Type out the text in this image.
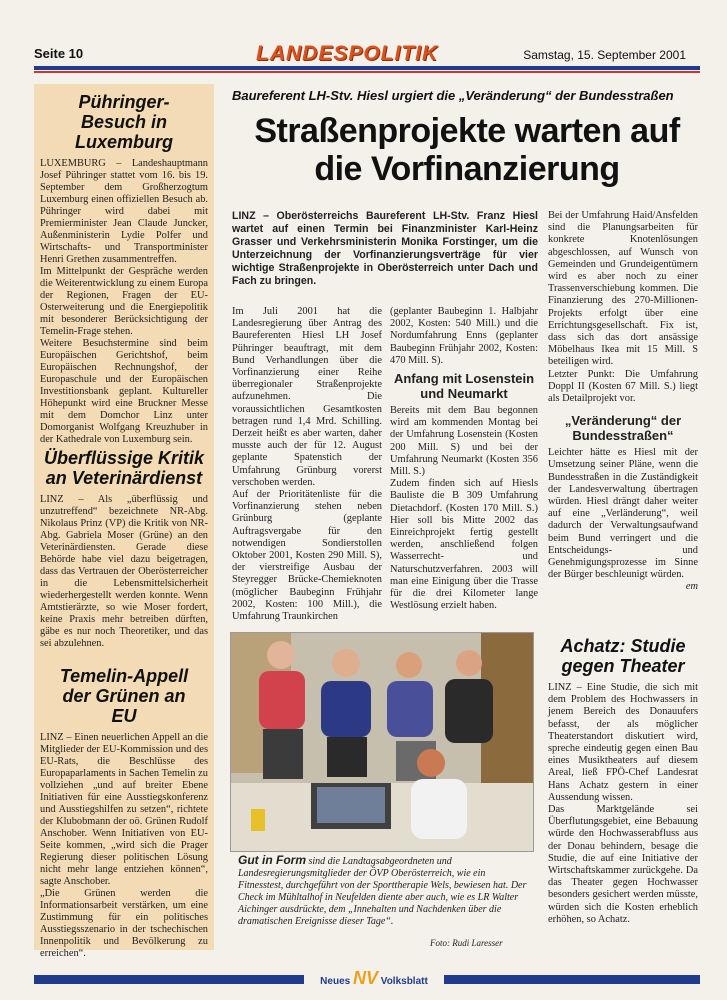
Seite 10	LANDESPOLITIK	Samstag, 15. September 2001
Pühringer-Besuch in Luxemburg

LUXEMBURG – Landeshauptmann Josef Pühringer stattet vom 16. bis 19. September dem Großherzogtum Luxemburg einen offiziellen Besuch ab. Pühringer wird dabei mit Premierminister Jean Claude Juncker, Außenministerin Lydie Polfer und Wirtschafts- und Transportminister Henri Grethen zusammentreffen.

Im Mittelpunkt der Gespräche werden die Weiterentwicklung zu einem Europa der Regionen, Fragen der EU-Osterweiterung und die Energiepolitik mit besonderer Berücksichtigung der Temelin-Frage stehen.

Weitere Besuchstermine sind beim Europäischen Gerichtshof, beim Europäischen Rechnungshof, der Europaschule und der Europäischen Investitionsbank geplant. Kultureller Höhepunkt wird eine Bruckner Messe mit dem Domchor Linz unter Domorganist Wolfgang Kreuzhuber in der Kathedrale von Luxemburg sein.

Überflüssige Kritik an Veterinärdienst

LINZ – Als „überflüssig und unzutreffend“ bezeichnete NR-Abg. Nikolaus Prinz (VP) die Kritik von NR-Abg. Gabriela Moser (Grüne) an den Veterinärdiensten. Gerade diese Behörde habe viel dazu beigetragen, dass das Vertrauen der Oberösterreicher in die Lebensmittelsicherheit wiederhergestellt werden konnte. Wenn Amtstierärzte, so wie Moser fordert, keine Praxis mehr betreiben dürften, gäbe es nur noch Theoretiker, und das sei abzulehnen.

Temelin-Appell der Grünen an EU

LINZ – Einen neuerlichen Appell an die Mitglieder der EU-Kommission und des EU-Rats, die Beschlüsse des Europaparlaments in Sachen Temelin zu vollziehen „und auf breiter Ebene Initiativen für eine Ausstiegskonferenz und Ausstiegshilfen zu setzen“, richtete der Klubobmann der oö. Grünen Rudolf Anschober. Wenn Initiativen von EU-Seite kommen, „wird sich die Prager Regierung dieser politischen Lösung nicht mehr lange entziehen können“, sagte Anschober.

„Die Grünen werden die Informationsarbeit verstärken, um eine Zustimmung für ein politisches Ausstiegsszenario in der tschechischen Innenpolitik und Bevölkerung zu erreichen“.

Baureferent LH-Stv. Hiesl urgiert die „Veränderung“ der Bundesstraßen
Straßenprojekte warten auf die Vorfinanzierung
LINZ – Oberösterreichs Baureferent LH-Stv. Franz Hiesl wartet auf einen Termin bei Finanzminister Karl-Heinz Grasser und Verkehrsministerin Monika Forstinger, um die Unterzeichnung der Vorfinanzierungsverträge für vier wichtige Straßenprojekte in Oberösterreich unter Dach und Fach zu bringen.

Im Juli 2001 hat die Landesregierung über Antrag des Baureferenten Hiesl LH Josef Pühringer beauftragt, mit dem Bund Verhandlungen über die Vorfinanzierung einer Reihe überregionaler Straßenprojekte aufzunehmen. Die voraussichtlichen Gesamtkosten betragen rund 1,4 Mrd. Schilling. Derzeit heißt es aber warten, daher musste auch der für 12. August geplante Spatenstich der Umfahrung Grünburg vorerst verschoben werden.

Auf der Prioritätenliste für die Vorfinanzierung stehen neben Grünburg (geplante Auftragsvergabe für den notwendigen Sondierstollen Oktober 2001, Kosten 290 Mill. S), der vierstreifige Ausbau der Steyregger Brücke-Chemieknoten (möglicher Baubeginn Frühjahr 2002, Kosten: 100 Mill.), die Umfahrung Traunkirchen

(geplanter Baubeginn 1. Halbjahr 2002, Kosten: 540 Mill.) und die Nordumfahrung Enns (geplanter Baubeginn Frühjahr 2002, Kosten: 470 Mill. S).

Anfang mit Losenstein und Neumarkt

Bereits mit dem Bau begonnen wird am kommenden Montag bei der Umfahrung Losenstein (Kosten 200 Mill. S) und bei der Umfahrung Neumarkt (Kosten 356 Mill. S.)

Zudem finden sich auf Hiesls Bauliste die B 309 Umfahrung Dietachdorf. (Kosten 170 Mill. S.) Hier soll bis Mitte 2002 das Einreichprojekt fertig gestellt werden, anschließend folgen Wasserrecht- und Naturschutzverfahren. 2003 will man eine Einigung über die Trasse für die drei Kilometer lange Westlösung erzielt haben.

Bei der Umfahrung Haid/Ansfelden sind die Planungsarbeiten für konkrete Knotenlösungen abgeschlossen, auf Wunsch von Gemeinden und Grundeigentümern wird es aber noch zu einer Trassenverschiebung kommen. Die Finanzierung des 270-Millionen-Projekts erfolgt über eine Errichtungsgesellschaft. Fix ist, dass sich das dort ansässige Möbelhaus Ikea mit 15 Mill. S beteiligen wird.

Letzter Punkt: Die Umfahrung Doppl II (Kosten 67 Mill. S.) liegt als Detailprojekt vor.

„Veränderung“ der Bundesstraßen“

Leichter hätte es Hiesl mit der Umsetzung seiner Pläne, wenn die Bundesstraßen in die Zuständigkeit der Landesverwaltung übertragen würden. Hiesl drängt daher weiter auf eine „Verländerung“, weil dadurch der Verwaltungsaufwand beim Bund verringert und die Entscheidungs- und Genehmigungsprozesse im Sinne der Bürger beschleunigt würden.

em

Achatz: Studie gegen Theater

LINZ – Eine Studie, die sich mit dem Problem des Hochwassers in jenem Bereich des Donauufers befasst, der als möglicher Theaterstandort diskutiert wird, spreche eindeutig gegen einen Bau eines Musiktheaters auf diesem Areal, ließ FPÖ-Chef Landesrat Hans Achatz gestern in einer Aussendung wissen.

Das Marktgelände sei Überflutungsgebiet, eine Bebauung würde den Hochwasserabfluss aus der Donau behindern, besage die Studie, die auf eine Initiative der Wirtschaftskammer zurückgehe. Da das Theater gegen Hochwasser besonders gesichert werden müsste, würden sich die Kosten erheblich erhöhen, so Achatz.

Gut in Form sind die Landtagsabgeordneten und Landesregierungsmitglieder der ÖVP Oberösterreich, wie ein Fitnesstest, durchgeführt von der Sporttherapie Wels, bewiesen hat. Der Check im Mühltalhof in Neufelden diente aber auch, wie es LR Walter Aichinger ausdrückte, dem „Innehalten und Nachdenken über die dramatischen Ereignisse dieser Tage“.
Foto: Rudi Laresser
Neues NV Volksblatt
